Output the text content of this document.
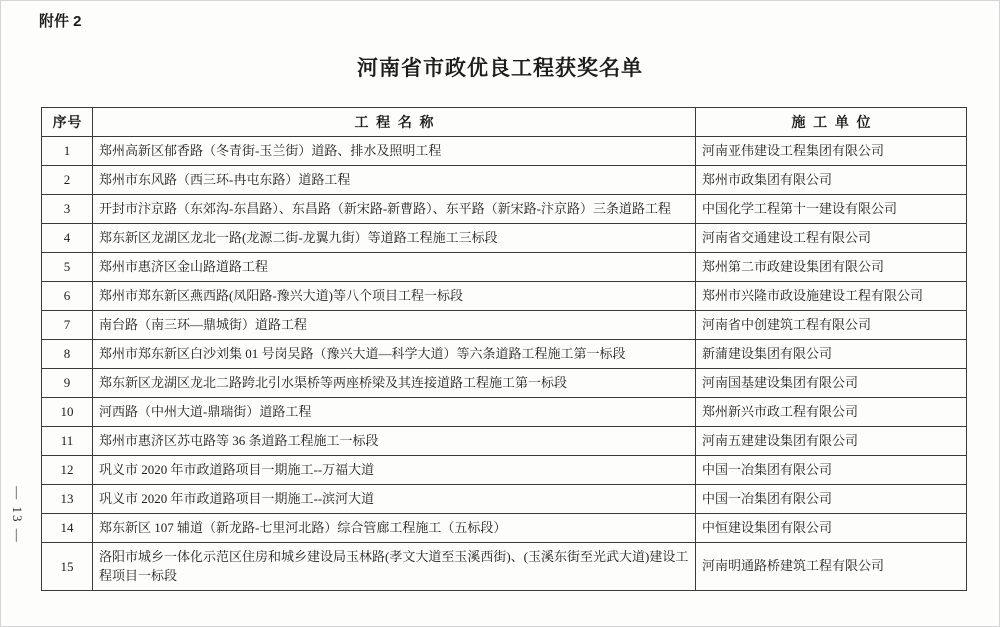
附件 2
河南省市政优良工程获奖名单
— 13 —
序号	工程名称	施工单位
1	郑州高新区郁香路（冬青街-玉兰街）道路、排水及照明工程	河南亚伟建设工程集团有限公司
2	郑州市东风路（西三环-冉屯东路）道路工程	郑州市政集团有限公司
3	开封市汴京路（东郊沟-东昌路）、东昌路（新宋路-新曹路）、东平路（新宋路-汴京路）三条道路工程	中国化学工程第十一建设有限公司
4	郑东新区龙湖区龙北一路(龙源二街-龙翼九街）等道路工程施工三标段	河南省交通建设工程有限公司
5	郑州市惠济区金山路道路工程	郑州第二市政建设集团有限公司
6	郑州市郑东新区燕西路(凤阳路-豫兴大道)等八个项目工程一标段	郑州市兴隆市政设施建设工程有限公司
7	南台路（南三环—鼎城街）道路工程	河南省中创建筑工程有限公司
8	郑州市郑东新区白沙刘集 01 号岗吴路（豫兴大道—科学大道）等六条道路工程施工第一标段	新蒲建设集团有限公司
9	郑东新区龙湖区龙北二路跨北引水渠桥等两座桥梁及其连接道路工程施工第一标段	河南国基建设集团有限公司
10	河西路（中州大道-鼎瑞街）道路工程	郑州新兴市政工程有限公司
11	郑州市惠济区苏屯路等 36 条道路工程施工一标段	河南五建建设集团有限公司
12	巩义市 2020 年市政道路项目一期施工--万福大道	中国一冶集团有限公司
13	巩义市 2020 年市政道路项目一期施工--滨河大道	中国一冶集团有限公司
14	郑东新区 107 辅道（新龙路-七里河北路）综合管廊工程施工（五标段）	中恒建设集团有限公司
15	洛阳市城乡一体化示范区住房和城乡建设局玉林路(孝文大道至玉溪西街)、(玉溪东街至光武大道)建设工程项目一标段	河南明通路桥建筑工程有限公司
